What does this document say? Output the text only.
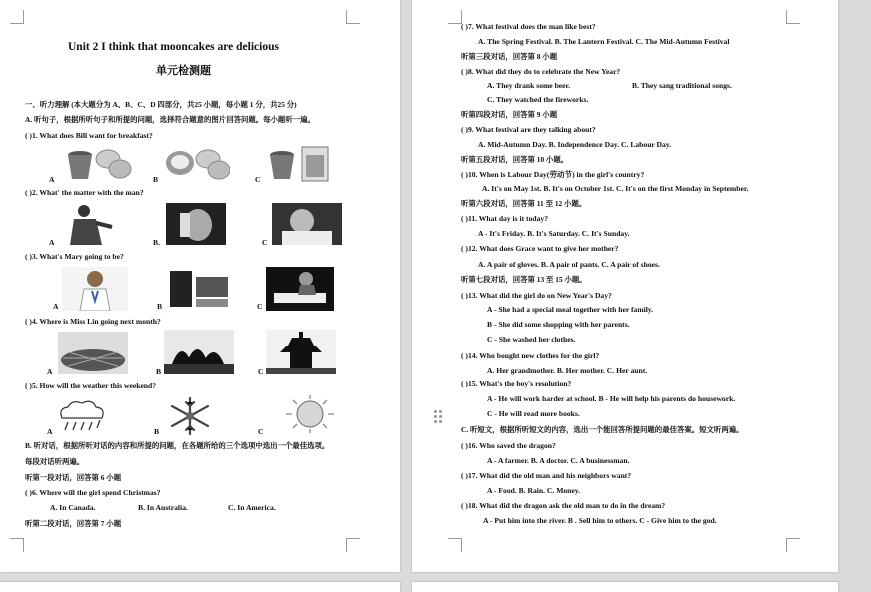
Unit 2 I think that mooncakes are delicious
单元检测题
一、听力理解 (本大题分为 A、B、C、D 四部分，共25 小题，每小题 1 分，共25 分)
A. 听句子，根据所听句子和所提的问题，选择符合题意的图片回答问题。每小题听一遍。
( )1. What does Bill want for breakfast?
A	B	C
( )2. What' the matter with the man?
A	B.	C
( )3. What's Mary going to be?
A	B	C
( )4. Where is Miss Lin going next month?
A	B	C
( )5. How will the weather this weekend?
A	B	C
B. 听对话，根据所听对话的内容和所提的问题，在各题所给的三个选项中选出一个最佳选项。
每段对话听两遍。
听第一段对话，回答第 6 小题
( )6. Where will the girl spend Christmas?
A. In Canada.	B. In Australia.	C. In America.
听第二段对话，回答第 7 小题
( )7. What festival does the man like best?
A. The Spring Festival. B. The Lantern Festival. C. The Mid-Autumn Festival
听第三段对话，回答第 8 小题
( )8. What did they do to celebrate the New Year?
A. They drank some beer.	B. They sang traditional songs.
C. They watched the fireworks.
听第四段对话，回答第 9 小题
( )9. What festival are they talking about?
A. Mid-Autumn Day. B. Independence Day. C. Labour Day.
听第五段对话，回答第 10 小题。
( )10. When is Labour Day(劳动节) in the girl's country?
A. It's on May 1st. B. It's on October 1st. C. It's on the first Monday in September.
听第六段对话，回答第 11 至 12 小题。
( )11. What day is it today?
A - It's Friday. B. It's Saturday. C. It's Sunday.
( )12. What does Grace want to give her mother?
A. A pair of gloves. B. A pair of pants. C. A pair of shoes.
听第七段对话，回答第 13 至 15 小题。
( )13. What did the girl do on New Year's Day?
A - She had a special meal together with her family.
B - She did some shopping with her parents.
C - She washed her clothes.
( )14. Who bought new clothes for the girl?
A. Her grandmother. B. Her mother. C. Her aunt.
( )15. What's the boy's resolution?
A - He will work harder at school. B - He will help his parents do housework.
C - He will read more books.
C. 听短文，根据所听短文的内容，选出一个能回答所提问题的最佳答案。短文听两遍。
( )16. Who saved the dragon?
A - A farmer. B. A doctor. C. A businessman.
( )17. What did the old man and his neighbors want?
A - Food. B. Rain. C. Money.
( )18. What did the dragon ask the old man to do in the dream?
A - Put him into the river. B . Sell him to others. C - Give him to the god.
